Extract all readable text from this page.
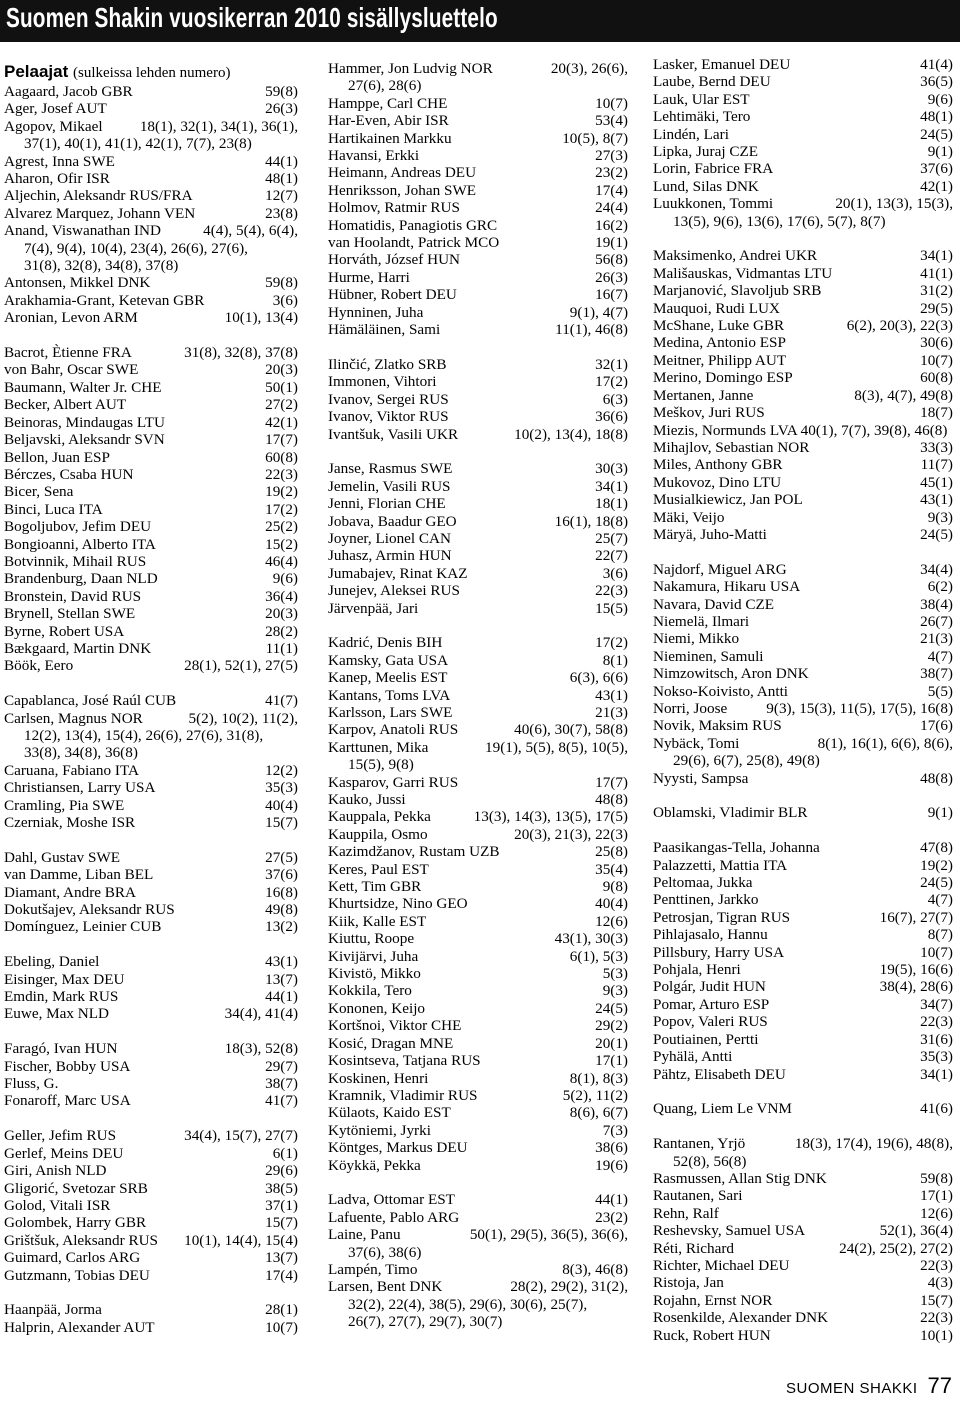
Suomen Shakin vuosikerran 2010 sisällysluettelo
Pelaajat (sulkeissa lehden numero)
Aagaard, Jacob GBR	59(8)
Ager, Josef AUT	26(3)
Agopov, Mikael 18(1), 32(1), 34(1), 36(1),
37(1), 40(1), 41(1), 42(1), 7(7), 23(8)
Agrest, Inna SWE	44(1)
Aharon, Ofir ISR	48(1)
Aljechin, Aleksandr RUS/FRA	12(7)
Alvarez Marquez, Johann VEN	23(8)
Anand, Viswanathan IND	4(4), 5(4), 6(4),
7(4), 9(4), 10(4), 23(4), 26(6), 27(6),
31(8), 32(8), 34(8), 37(8)
Antonsen, Mikkel DNK	59(8)
Arakhamia-Grant, Ketevan GBR	3(6)
Aronian, Levon ARM	10(1), 13(4)
Bacrot, Ètienne FRA	31(8), 32(8), 37(8)
von Bahr, Oscar SWE	20(3)
Baumann, Walter Jr. CHE	50(1)
Becker, Albert AUT	27(2)
Beinoras, Mindaugas LTU	42(1)
Beljavski, Aleksandr SVN	17(7)
Bellon, Juan ESP	60(8)
Bérczes, Csaba HUN	22(3)
Bicer, Sena	19(2)
Binci, Luca ITA	17(2)
Bogoljubov, Jefim DEU	25(2)
Bongioanni, Alberto ITA	15(2)
Botvinnik, Mihail RUS	46(4)
Brandenburg, Daan NLD	9(6)
Bronstein, David RUS	36(4)
Brynell, Stellan SWE	20(3)
Byrne, Robert USA	28(2)
Bækgaard, Martin DNK	11(1)
Böök, Eero	28(1), 52(1), 27(5)
Capablanca, José Raúl CUB	41(7)
Carlsen, Magnus NOR	5(2), 10(2), 11(2),
12(2), 13(4), 15(4), 26(6), 27(6), 31(8),
33(8), 34(8), 36(8)
Caruana, Fabiano ITA	12(2)
Christiansen, Larry USA	35(3)
Cramling, Pia SWE	40(4)
Czerniak, Moshe ISR	15(7)
Dahl, Gustav SWE	27(5)
van Damme, Liban BEL	37(6)
Diamant, Andre BRA	16(8)
Dokutšajev, Aleksandr RUS	49(8)
Domínguez, Leinier CUB	13(2)
Ebeling, Daniel	43(1)
Eisinger, Max DEU	13(7)
Emdin, Mark RUS	44(1)
Euwe, Max NLD	34(4), 41(4)
Faragó, Ivan HUN	18(3), 52(8)
Fischer, Bobby USA	29(7)
Fluss, G.	38(7)
Fonaroff, Marc USA	41(7)
Geller, Jefim RUS	34(4), 15(7), 27(7)
Gerlef, Meins DEU	6(1)
Giri, Anish NLD	29(6)
Gligorić, Svetozar SRB	38(5)
Golod, Vitali ISR	37(1)
Golombek, Harry GBR	15(7)
Grištšuk, Aleksandr RUS 10(1), 14(4), 15(4)
Guimard, Carlos ARG	13(7)
Gutzmann, Tobias DEU	17(4)
Haanpää, Jorma	28(1)
Halprin, Alexander AUT	10(7)
Hammer, Jon Ludvig NOR	20(3), 26(6),
27(6), 28(6)
Hamppe, Carl CHE	10(7)
Har-Even, Abir ISR	53(4)
Hartikainen Markku	10(5), 8(7)
Havansi, Erkki	27(3)
Heimann, Andreas DEU	23(2)
Henriksson, Johan SWE	17(4)
Holmov, Ratmir RUS	24(4)
Homatidis, Panagiotis GRC	16(2)
van Hoolandt, Patrick MCO	19(1)
Horváth, József HUN	56(8)
Hurme, Harri	26(3)
Hübner, Robert DEU	16(7)
Hynninen, Juha	9(1), 4(7)
Hämäläinen, Sami	11(1), 46(8)
Ilinčić, Zlatko SRB	32(1)
Immonen, Vihtori	17(2)
Ivanov, Sergei RUS	6(3)
Ivanov, Viktor RUS	36(6)
Ivantšuk, Vasili UKR	10(2), 13(4), 18(8)
Janse, Rasmus SWE	30(3)
Jemelin, Vasili RUS	34(1)
Jenni, Florian CHE	18(1)
Jobava, Baadur GEO	16(1), 18(8)
Joyner, Lionel CAN	25(7)
Juhasz, Armin HUN	22(7)
Jumabajev, Rinat KAZ	3(6)
Junejev, Aleksei RUS	22(3)
Järvenpää, Jari	15(5)
Kadrić, Denis BIH	17(2)
Kamsky, Gata USA	8(1)
Kanep, Meelis EST	6(3), 6(6)
Kantans, Toms LVA	43(1)
Karlsson, Lars SWE	21(3)
Karpov, Anatoli RUS	40(6), 30(7), 58(8)
Karttunen, Mika	19(1), 5(5), 8(5), 10(5),
15(5), 9(8)
Kasparov, Garri RUS	17(7)
Kauko, Jussi	48(8)
Kauppala, Pekka	13(3), 14(3), 13(5), 17(5)
Kauppila, Osmo	20(3), 21(3), 22(3)
Kazimdžanov, Rustam UZB	25(8)
Keres, Paul EST	35(4)
Kett, Tim GBR	9(8)
Khurtsidze, Nino GEO	40(4)
Kiik, Kalle EST	12(6)
Kiuttu, Roope	43(1), 30(3)
Kivijärvi, Juha	6(1), 5(3)
Kivistö, Mikko	5(3)
Kokkila, Tero	9(3)
Kononen, Keijo	24(5)
Kortšnoi, Viktor CHE	29(2)
Kosić, Dragan MNE	20(1)
Kosintseva, Tatjana RUS	17(1)
Koskinen, Henri	8(1), 8(3)
Kramnik, Vladimir RUS	5(2), 11(2)
Külaots, Kaido EST	8(6), 6(7)
Kytöniemi, Jyrki	7(3)
Köntges, Markus DEU	38(6)
Köykkä, Pekka	19(6)
Ladva, Ottomar EST	44(1)
Lafuente, Pablo ARG	23(2)
Laine, Panu	50(1), 29(5), 36(5), 36(6),
37(6), 38(6)
Lampén, Timo	8(3), 46(8)
Larsen, Bent DNK	28(2), 29(2), 31(2),
32(2), 22(4), 38(5), 29(6), 30(6), 25(7),
26(7), 27(7), 29(7), 30(7)
Lasker, Emanuel DEU	41(4)
Laube, Bernd DEU	36(5)
Lauk, Ular EST	9(6)
Lehtimäki, Tero	48(1)
Lindén, Lari	24(5)
Lipka, Juraj CZE	9(1)
Lorin, Fabrice FRA	37(6)
Lund, Silas DNK	42(1)
Luukkonen, Tommi	20(1), 13(3), 15(3),
13(5), 9(6), 13(6), 17(6), 5(7), 8(7)
Maksimenko, Andrei UKR	34(1)
Mališauskas, Vidmantas LTU	41(1)
Marjanović, Slavoljub SRB	31(2)
Mauquoi, Rudi LUX	29(5)
McShane, Luke GBR	6(2), 20(3), 22(3)
Medina, Antonio ESP	30(6)
Meitner, Philipp AUT	10(7)
Merino, Domingo ESP	60(8)
Mertanen, Janne	8(3), 4(7), 49(8)
Meškov, Juri RUS	18(7)
Miezis, Normunds LVA 40(1), 7(7), 39(8), 46(8)
Mihajlov, Sebastian NOR	33(3)
Miles, Anthony GBR	11(7)
Mukovoz, Dino LTU	45(1)
Musialkiewicz, Jan POL	43(1)
Mäki, Veijo	9(3)
Märyä, Juho-Matti	24(5)
Najdorf, Miguel ARG	34(4)
Nakamura, Hikaru USA	6(2)
Navara, David CZE	38(4)
Niemelä, Ilmari	26(7)
Niemi, Mikko	21(3)
Nieminen, Samuli	4(7)
Nimzowitsch, Aron DNK	38(7)
Nokso-Koivisto, Antti	5(5)
Norri, Joose	9(3), 15(3), 11(5), 17(5), 16(8)
Novik, Maksim RUS	17(6)
Nybäck, Tomi	8(1), 16(1), 6(6), 8(6),
29(6), 6(7), 25(8), 49(8)
Nyysti, Sampsa	48(8)
Oblamski, Vladimir BLR	9(1)
Paasikangas-Tella, Johanna	47(8)
Palazzetti, Mattia ITA	19(2)
Peltomaa, Jukka	24(5)
Penttinen, Jarkko	4(7)
Petrosjan, Tigran RUS	16(7), 27(7)
Pihlajasalo, Hannu	8(7)
Pillsbury, Harry USA	10(7)
Pohjala, Henri	19(5), 16(6)
Polgár, Judit HUN	38(4), 28(6)
Pomar, Arturo ESP	34(7)
Popov, Valeri RUS	22(3)
Poutiainen, Pertti	31(6)
Pyhälä, Antti	35(3)
Pähtz, Elisabeth DEU	34(1)
Quang, Liem Le VNM	41(6)
Rantanen, Yrjö	18(3), 17(4), 19(6), 48(8),
52(8), 56(8)
Rasmussen, Allan Stig DNK	59(8)
Rautanen, Sari	17(1)
Rehn, Ralf	12(6)
Reshevsky, Samuel USA	52(1), 36(4)
Réti, Richard	24(2), 25(2), 27(2)
Richter, Michael DEU	22(3)
Ristoja, Jan	4(3)
Rojahn, Ernst NOR	15(7)
Rosenkilde, Alexander DNK	22(3)
Ruck, Robert HUN	10(1)
SUOMEN SHAKKI 77
